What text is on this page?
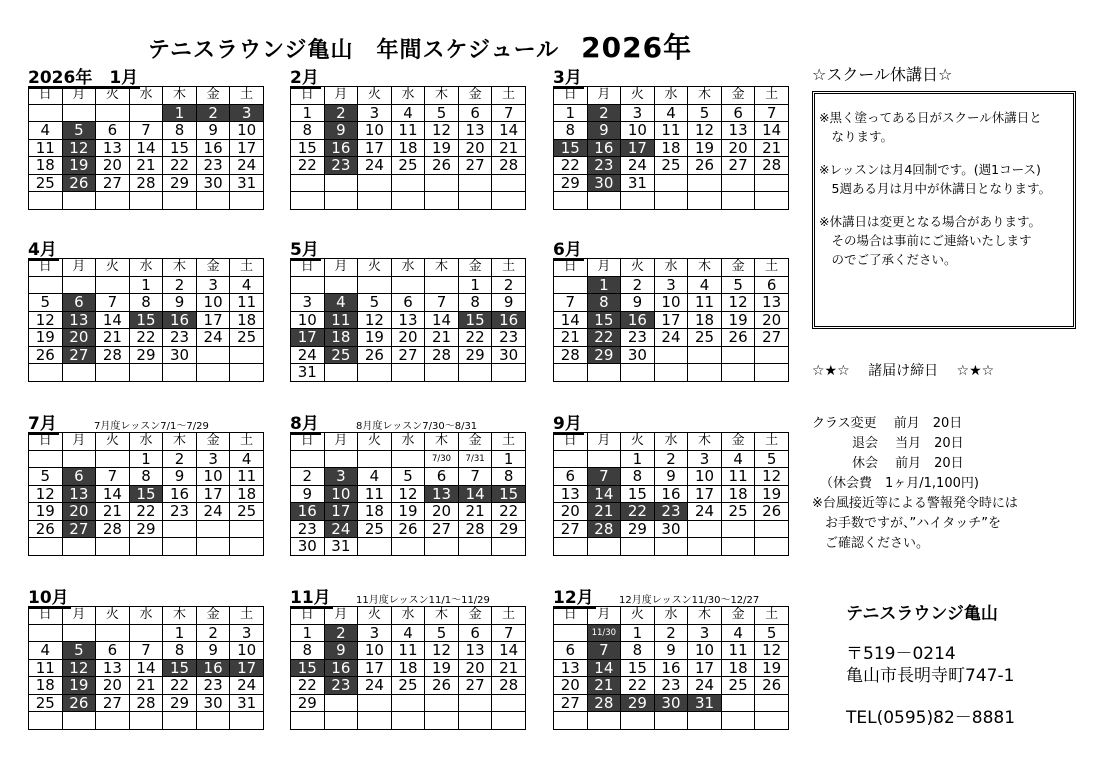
テニスラウンジ亀山　年間スケジュール 2026年
2026年　1月
日	月	火	水	木	金	土
				1	2	3
4	5	6	7	8	9	10
11	12	13	14	15	16	17
18	19	20	21	22	23	24
25	26	27	28	29	30	31

2月
日	月	火	水	木	金	土
1	2	3	4	5	6	7
8	9	10	11	12	13	14
15	16	17	18	19	20	21
22	23	24	25	26	27	28

3月
日	月	火	水	木	金	土
1	2	3	4	5	6	7
8	9	10	11	12	13	14
15	16	17	18	19	20	21
22	23	24	25	26	27	28
29	30	31				

4月
日	月	火	水	木	金	土
			1	2	3	4
5	6	7	8	9	10	11
12	13	14	15	16	17	18
19	20	21	22	23	24	25
26	27	28	29	30		

5月
日	月	火	水	木	金	土
					1	2
3	4	5	6	7	8	9
10	11	12	13	14	15	16
17	18	19	20	21	22	23
24	25	26	27	28	29	30
31						
6月
日	月	火	水	木	金	土
	1	2	3	4	5	6
7	8	9	10	11	12	13
14	15	16	17	18	19	20
21	22	23	24	25	26	27
28	29	30				

7月	7月度レッスン7/1～7/29
日	月	火	水	木	金	土
			1	2	3	4
5	6	7	8	9	10	11
12	13	14	15	16	17	18
19	20	21	22	23	24	25
26	27	28	29			

8月	8月度レッスン7/30～8/31
日	月	火	水	木	金	土
				7/30	7/31	1
2	3	4	5	6	7	8
9	10	11	12	13	14	15
16	17	18	19	20	21	22
23	24	25	26	27	28	29
30	31					
9月
日	月	火	水	木	金	土
		1	2	3	4	5
6	7	8	9	10	11	12
13	14	15	16	17	18	19
20	21	22	23	24	25	26
27	28	29	30			

10月
日	月	火	水	木	金	土
				1	2	3
4	5	6	7	8	9	10
11	12	13	14	15	16	17
18	19	20	21	22	23	24
25	26	27	28	29	30	31

11月	11月度レッスン11/1～11/29
日	月	火	水	木	金	土
1	2	3	4	5	6	7
8	9	10	11	12	13	14
15	16	17	18	19	20	21
22	23	24	25	26	27	28
29						

12月	12月度レッスン11/30～12/27
日	月	火	水	木	金	土
	11/30	1	2	3	4	5
6	7	8	9	10	11	12
13	14	15	16	17	18	19
20	21	22	23	24	25	26
27	28	29	30	31		

☆スクール休講日☆

※黒く塗ってある日がスクール休講日と
　なります。

※レッスンは月4回制です。(週1コース)
　5週ある月は月中が休講日となります。

※休講日は変更となる場合があります。
　その場合は事前にご連絡いたします
　のでご了承ください。

☆★☆　 諸届け締日　 ☆★☆
クラス変更　 前月　20日
退会　 当月　20日
休会　 前月　20日
（休会費　1ヶ月/1,100円)
※台風接近等による警報発令時には
　お手数ですが、”ハイタッチ”を
　ご確認ください。
テニスラウンジ亀山
〒519－0214
亀山市長明寺町747-1
TEL(0595)82－8881
